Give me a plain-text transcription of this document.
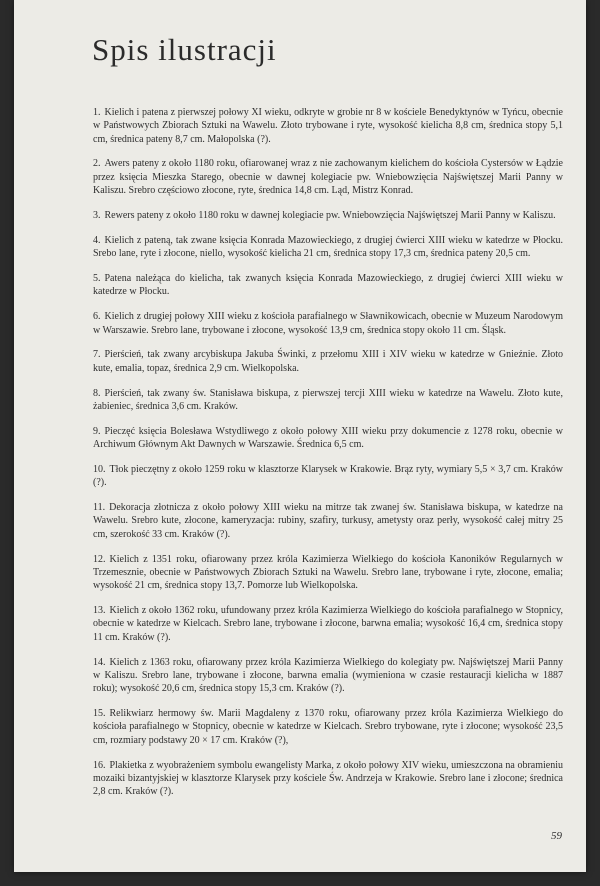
Spis ilustracji
1. Kielich i patena z pierwszej połowy XI wieku, odkryte w grobie nr 8 w kościele Benedyktynów w Tyńcu, obecnie w Państwowych Zbiorach Sztuki na Wawelu. Złoto trybowane i ryte, wysokość kielicha 8,8 cm, średnica stopy 5,1 cm, średnica pateny 8,7 cm. Małopolska (?).
2. Awers pateny z około 1180 roku, ofiarowanej wraz z nie zachowanym kielichem do kościoła Cystersów w Łądzie przez księcia Mieszka Starego, obecnie w dawnej kolegiacie pw. Wniebowzięcia Najświętszej Marii Panny w Kaliszu. Srebro częściowo złocone, ryte, średnica 14,8 cm. Ląd, Mistrz Konrad.
3. Rewers pateny z około 1180 roku w dawnej kolegiacie pw. Wniebowzięcia Najświętszej Marii Panny w Kaliszu.
4. Kielich z pateną, tak zwane księcia Konrada Mazowieckiego, z drugiej ćwierci XIII wieku w katedrze w Płocku. Srebo lane, ryte i złocone, niello, wysokość kielicha 21 cm, średnica stopy 17,3 cm, średnica pateny 20,5 cm.
5. Patena należąca do kielicha, tak zwanych księcia Konrada Mazowieckiego, z drugiej ćwierci XIII wieku w katedrze w Płocku.
6. Kielich z drugiej połowy XIII wieku z kościoła parafialnego w Sławnikowicach, obecnie w Muzeum Narodowym w Warszawie. Srebro lane, trybowane i złocone, wysokość 13,9 cm, średnica stopy około 11 cm. Śląsk.
7. Pierścień, tak zwany arcybiskupa Jakuba Świnki, z przełomu XIII i XIV wieku w katedrze w Gnieźnie. Złoto kute, emalia, topaz, średnica 2,9 cm. Wielkopolska.
8. Pierścień, tak zwany św. Stanisława biskupa, z pierwszej tercji XIII wieku w katedrze na Wawelu. Złoto kute, żabieniec, średnica 3,6 cm. Kraków.
9. Pieczęć księcia Bolesława Wstydliwego z około połowy XIII wieku przy dokumencie z 1278 roku, obecnie w Archiwum Głównym Akt Dawnych w Warszawie. Średnica 6,5 cm.
10. Tłok pieczętny z około 1259 roku w klasztorze Klarysek w Krakowie. Brąz ryty, wymiary 5,5 × 3,7 cm. Kraków (?).
11. Dekoracja złotnicza z około połowy XIII wieku na mitrze tak zwanej św. Stanisława biskupa, w katedrze na Wawelu. Srebro kute, złocone, kameryzacja: rubiny, szafiry, turkusy, ametysty oraz perły, wysokość całej mitry 25 cm, szerokość 33 cm. Kraków (?).
12. Kielich z 1351 roku, ofiarowany przez króla Kazimierza Wielkiego do kościoła Kanoników Regularnych w Trzemesznie, obecnie w Państwowych Zbiorach Sztuki na Wawelu. Srebro lane, trybowane i ryte, złocone, emalia; wysokość 21 cm, średnica stopy 13,7. Pomorze lub Wielkopolska.
13. Kielich z około 1362 roku, ufundowany przez króla Kazimierza Wielkiego do kościoła parafialnego w Stopnicy, obecnie w katedrze w Kielcach. Srebro lane, trybowane i złocone, barwna emalia; wysokość 16,4 cm, średnica stopy 11 cm. Kraków (?).
14. Kielich z 1363 roku, ofiarowany przez króla Kazimierza Wielkiego do kolegiaty pw. Najświętszej Marii Panny w Kaliszu. Srebro lane, trybowane i złocone, barwna emalia (wymieniona w czasie restauracji kielicha w 1887 roku); wysokość 20,6 cm, średnica stopy 15,3 cm. Kraków (?).
15. Relikwiarz hermowy św. Marii Magdaleny z 1370 roku, ofiarowany przez króla Kazimierza Wielkiego do kościoła parafialnego w Stopnicy, obecnie w katedrze w Kielcach. Srebro trybowane, ryte i złocone; wysokość 23,5 cm, rozmiary podstawy 20 × 17 cm. Kraków (?),
16. Plakietka z wyobrażeniem symbolu ewangelisty Marka, z około połowy XIV wieku, umieszczona na obramieniu mozaiki bizantyjskiej w klasztorze Klarysek przy kościele Św. Andrzeja w Krakowie. Srebro lane i złocone; średnica 2,8 cm. Kraków (?).
59
